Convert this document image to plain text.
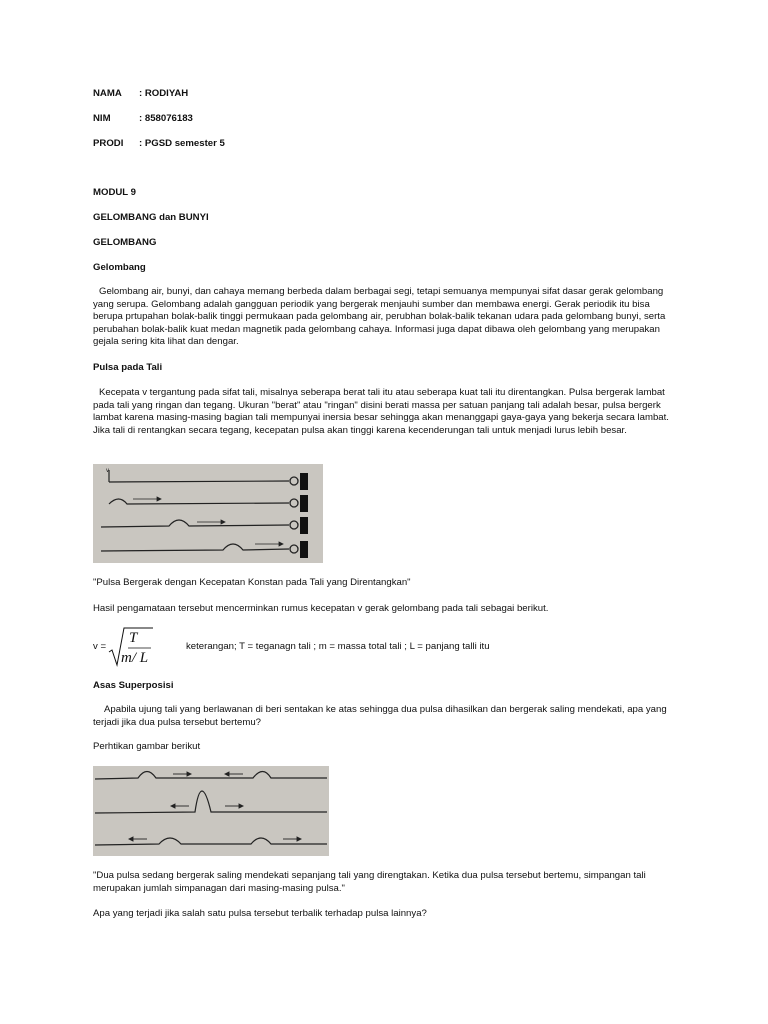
NAMA : RODIYAH
NIM	: 858076183
PRODI : PGSD semester 5
MODUL 9
GELOMBANG dan BUNYI
GELOMBANG
Gelombang
Gelombang air, bunyi, dan cahaya memang berbeda dalam berbagai segi, tetapi semuanya mempunyai sifat dasar gerak gelombang yang serupa. Gelombang adalah gangguan periodik yang bergerak menjauhi sumber dan membawa energi. Gerak periodik itu bisa berupa prtupahan bolak-balik tinggi permukaan pada gelombang air, perubhan bolak-balik tekanan udara pada gelombang bunyi, serta perubahan bolak-balik kuat medan magnetik pada gelombang cahaya. Informasi juga dapat dibawa oleh gelombang yang merupakan gejala sering kita lihat dan dengar.
Pulsa pada Tali
Kecepata v tergantung pada sifat tali, misalnya seberapa berat tali itu atau seberapa kuat tali itu direntangkan. Pulsa bergerak lambat pada tali yang ringan dan tegang. Ukuran "berat" atau "ringan" disini berati massa per satuan panjang tali adalah besar, pulsa bergerk lambat karena masing-masing bagian tali mempunyai inersia besar sehingga akan menanggapi gaya-gaya yang bekerja secara lambat. Jika tali di rentangkan secara tegang, kecepatan pulsa akan tinggi karena kecenderungan tali untuk menjadi lurus lebih besar.
v
"Pulsa Bergerak dengan Kecepatan Konstan pada Tali yang Direntangkan"
Hasil pengamataan tersebut mencerminkan rumus kecepatan v gerak gelombang pada tali sebagai berikut.
v =
T
m/ L
keterangan; T = teganagn tali ; m = massa total tali ; L = panjang talli itu
Asas Superposisi
Apabila ujung tali yang berlawanan di beri sentakan ke atas sehingga dua pulsa dihasilkan dan bergerak saling mendekati, apa yang terjadi jika dua pulsa tersebut bertemu?
Perhtikan gambar berikut
"Dua pulsa sedang bergerak saling mendekati sepanjang tali yang direngtakan. Ketika dua pulsa tersebut bertemu, simpangan tali merupakan jumlah simpanagan dari masing-masing pulsa."
Apa yang terjadi jika salah satu pulsa tersebut terbalik terhadap pulsa lainnya?
